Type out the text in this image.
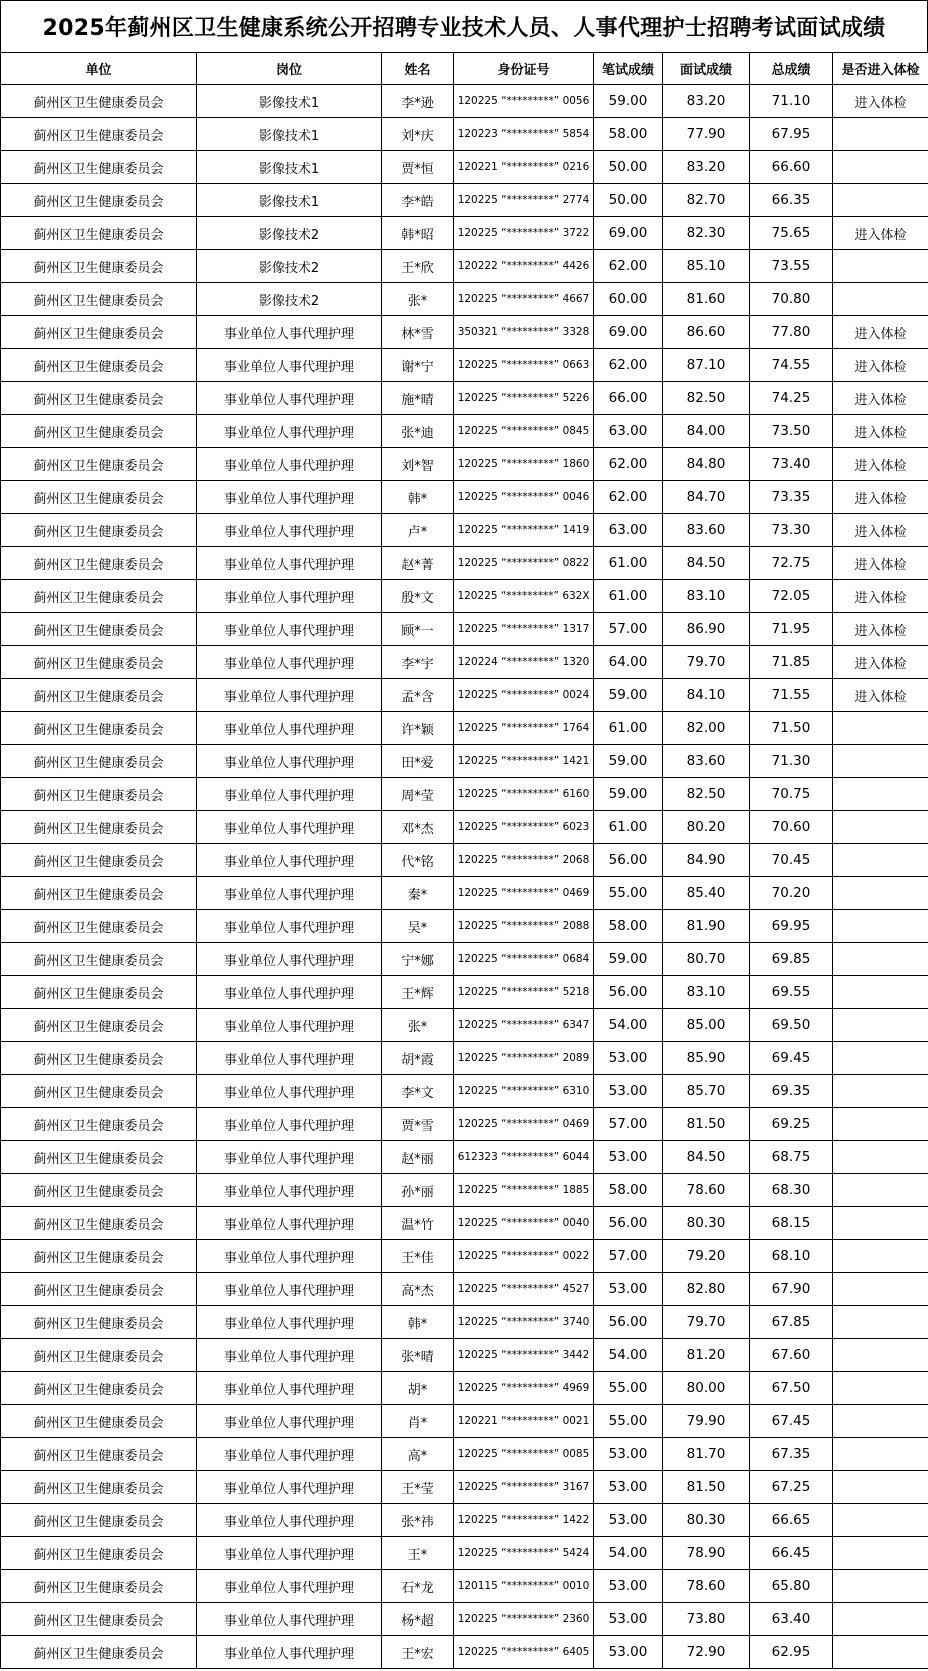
2025年蓟州区卫生健康系统公开招聘专业技术人员、人事代理护士招聘考试面试成绩
单位	岗位	姓名	身份证号	笔试成绩	面试成绩	总成绩	是否进入体检
蓟州区卫生健康委员会	影像技术1	李*逊	120225 “*********” 0056	59.00	83.20	71.10	进入体检
蓟州区卫生健康委员会	影像技术1	刘*庆	120223 “*********” 5854	58.00	77.90	67.95	
蓟州区卫生健康委员会	影像技术1	贾*恒	120221 “*********” 0216	50.00	83.20	66.60	
蓟州区卫生健康委员会	影像技术1	李*皓	120225 “*********” 2774	50.00	82.70	66.35	
蓟州区卫生健康委员会	影像技术2	韩*昭	120225 “*********” 3722	69.00	82.30	75.65	进入体检
蓟州区卫生健康委员会	影像技术2	王*欣	120222 “*********” 4426	62.00	85.10	73.55	
蓟州区卫生健康委员会	影像技术2	张*	120225 “*********” 4667	60.00	81.60	70.80	
蓟州区卫生健康委员会	事业单位人事代理护理	林*雪	350321 “*********” 3328	69.00	86.60	77.80	进入体检
蓟州区卫生健康委员会	事业单位人事代理护理	谢*宁	120225 “*********” 0663	62.00	87.10	74.55	进入体检
蓟州区卫生健康委员会	事业单位人事代理护理	施*晴	120225 “*********” 5226	66.00	82.50	74.25	进入体检
蓟州区卫生健康委员会	事业单位人事代理护理	张*迪	120225 “*********” 0845	63.00	84.00	73.50	进入体检
蓟州区卫生健康委员会	事业单位人事代理护理	刘*智	120225 “*********” 1860	62.00	84.80	73.40	进入体检
蓟州区卫生健康委员会	事业单位人事代理护理	韩*	120225 “*********” 0046	62.00	84.70	73.35	进入体检
蓟州区卫生健康委员会	事业单位人事代理护理	卢*	120225 “*********” 1419	63.00	83.60	73.30	进入体检
蓟州区卫生健康委员会	事业单位人事代理护理	赵*菁	120225 “*********” 0822	61.00	84.50	72.75	进入体检
蓟州区卫生健康委员会	事业单位人事代理护理	殷*文	120225 “*********” 632X	61.00	83.10	72.05	进入体检
蓟州区卫生健康委员会	事业单位人事代理护理	顾*一	120225 “*********” 1317	57.00	86.90	71.95	进入体检
蓟州区卫生健康委员会	事业单位人事代理护理	李*宇	120224 “*********” 1320	64.00	79.70	71.85	进入体检
蓟州区卫生健康委员会	事业单位人事代理护理	孟*含	120225 “*********” 0024	59.00	84.10	71.55	进入体检
蓟州区卫生健康委员会	事业单位人事代理护理	许*颖	120225 “*********” 1764	61.00	82.00	71.50	
蓟州区卫生健康委员会	事业单位人事代理护理	田*爱	120225 “*********” 1421	59.00	83.60	71.30	
蓟州区卫生健康委员会	事业单位人事代理护理	周*莹	120225 “*********” 6160	59.00	82.50	70.75	
蓟州区卫生健康委员会	事业单位人事代理护理	邓*杰	120225 “*********” 6023	61.00	80.20	70.60	
蓟州区卫生健康委员会	事业单位人事代理护理	代*铭	120225 “*********” 2068	56.00	84.90	70.45	
蓟州区卫生健康委员会	事业单位人事代理护理	秦*	120225 “*********” 0469	55.00	85.40	70.20	
蓟州区卫生健康委员会	事业单位人事代理护理	吴*	120225 “*********” 2088	58.00	81.90	69.95	
蓟州区卫生健康委员会	事业单位人事代理护理	宁*娜	120225 “*********” 0684	59.00	80.70	69.85	
蓟州区卫生健康委员会	事业单位人事代理护理	王*辉	120225 “*********” 5218	56.00	83.10	69.55	
蓟州区卫生健康委员会	事业单位人事代理护理	张*	120225 “*********” 6347	54.00	85.00	69.50	
蓟州区卫生健康委员会	事业单位人事代理护理	胡*霞	120225 “*********” 2089	53.00	85.90	69.45	
蓟州区卫生健康委员会	事业单位人事代理护理	李*文	120225 “*********” 6310	53.00	85.70	69.35	
蓟州区卫生健康委员会	事业单位人事代理护理	贾*雪	120225 “*********” 0469	57.00	81.50	69.25	
蓟州区卫生健康委员会	事业单位人事代理护理	赵*丽	612323 “*********” 6044	53.00	84.50	68.75	
蓟州区卫生健康委员会	事业单位人事代理护理	孙*丽	120225 “*********” 1885	58.00	78.60	68.30	
蓟州区卫生健康委员会	事业单位人事代理护理	温*竹	120225 “*********” 0040	56.00	80.30	68.15	
蓟州区卫生健康委员会	事业单位人事代理护理	王*佳	120225 “*********” 0022	57.00	79.20	68.10	
蓟州区卫生健康委员会	事业单位人事代理护理	高*杰	120225 “*********” 4527	53.00	82.80	67.90	
蓟州区卫生健康委员会	事业单位人事代理护理	韩*	120225 “*********” 3740	56.00	79.70	67.85	
蓟州区卫生健康委员会	事业单位人事代理护理	张*晴	120225 “*********” 3442	54.00	81.20	67.60	
蓟州区卫生健康委员会	事业单位人事代理护理	胡*	120225 “*********” 4969	55.00	80.00	67.50	
蓟州区卫生健康委员会	事业单位人事代理护理	肖*	120221 “*********” 0021	55.00	79.90	67.45	
蓟州区卫生健康委员会	事业单位人事代理护理	高*	120225 “*********” 0085	53.00	81.70	67.35	
蓟州区卫生健康委员会	事业单位人事代理护理	王*莹	120225 “*********” 3167	53.00	81.50	67.25	
蓟州区卫生健康委员会	事业单位人事代理护理	张*祎	120225 “*********” 1422	53.00	80.30	66.65	
蓟州区卫生健康委员会	事业单位人事代理护理	王*	120225 “*********” 5424	54.00	78.90	66.45	
蓟州区卫生健康委员会	事业单位人事代理护理	石*龙	120115 “*********” 0010	53.00	78.60	65.80	
蓟州区卫生健康委员会	事业单位人事代理护理	杨*超	120225 “*********” 2360	53.00	73.80	63.40	
蓟州区卫生健康委员会	事业单位人事代理护理	王*宏	120225 “*********” 6405	53.00	72.90	62.95	
